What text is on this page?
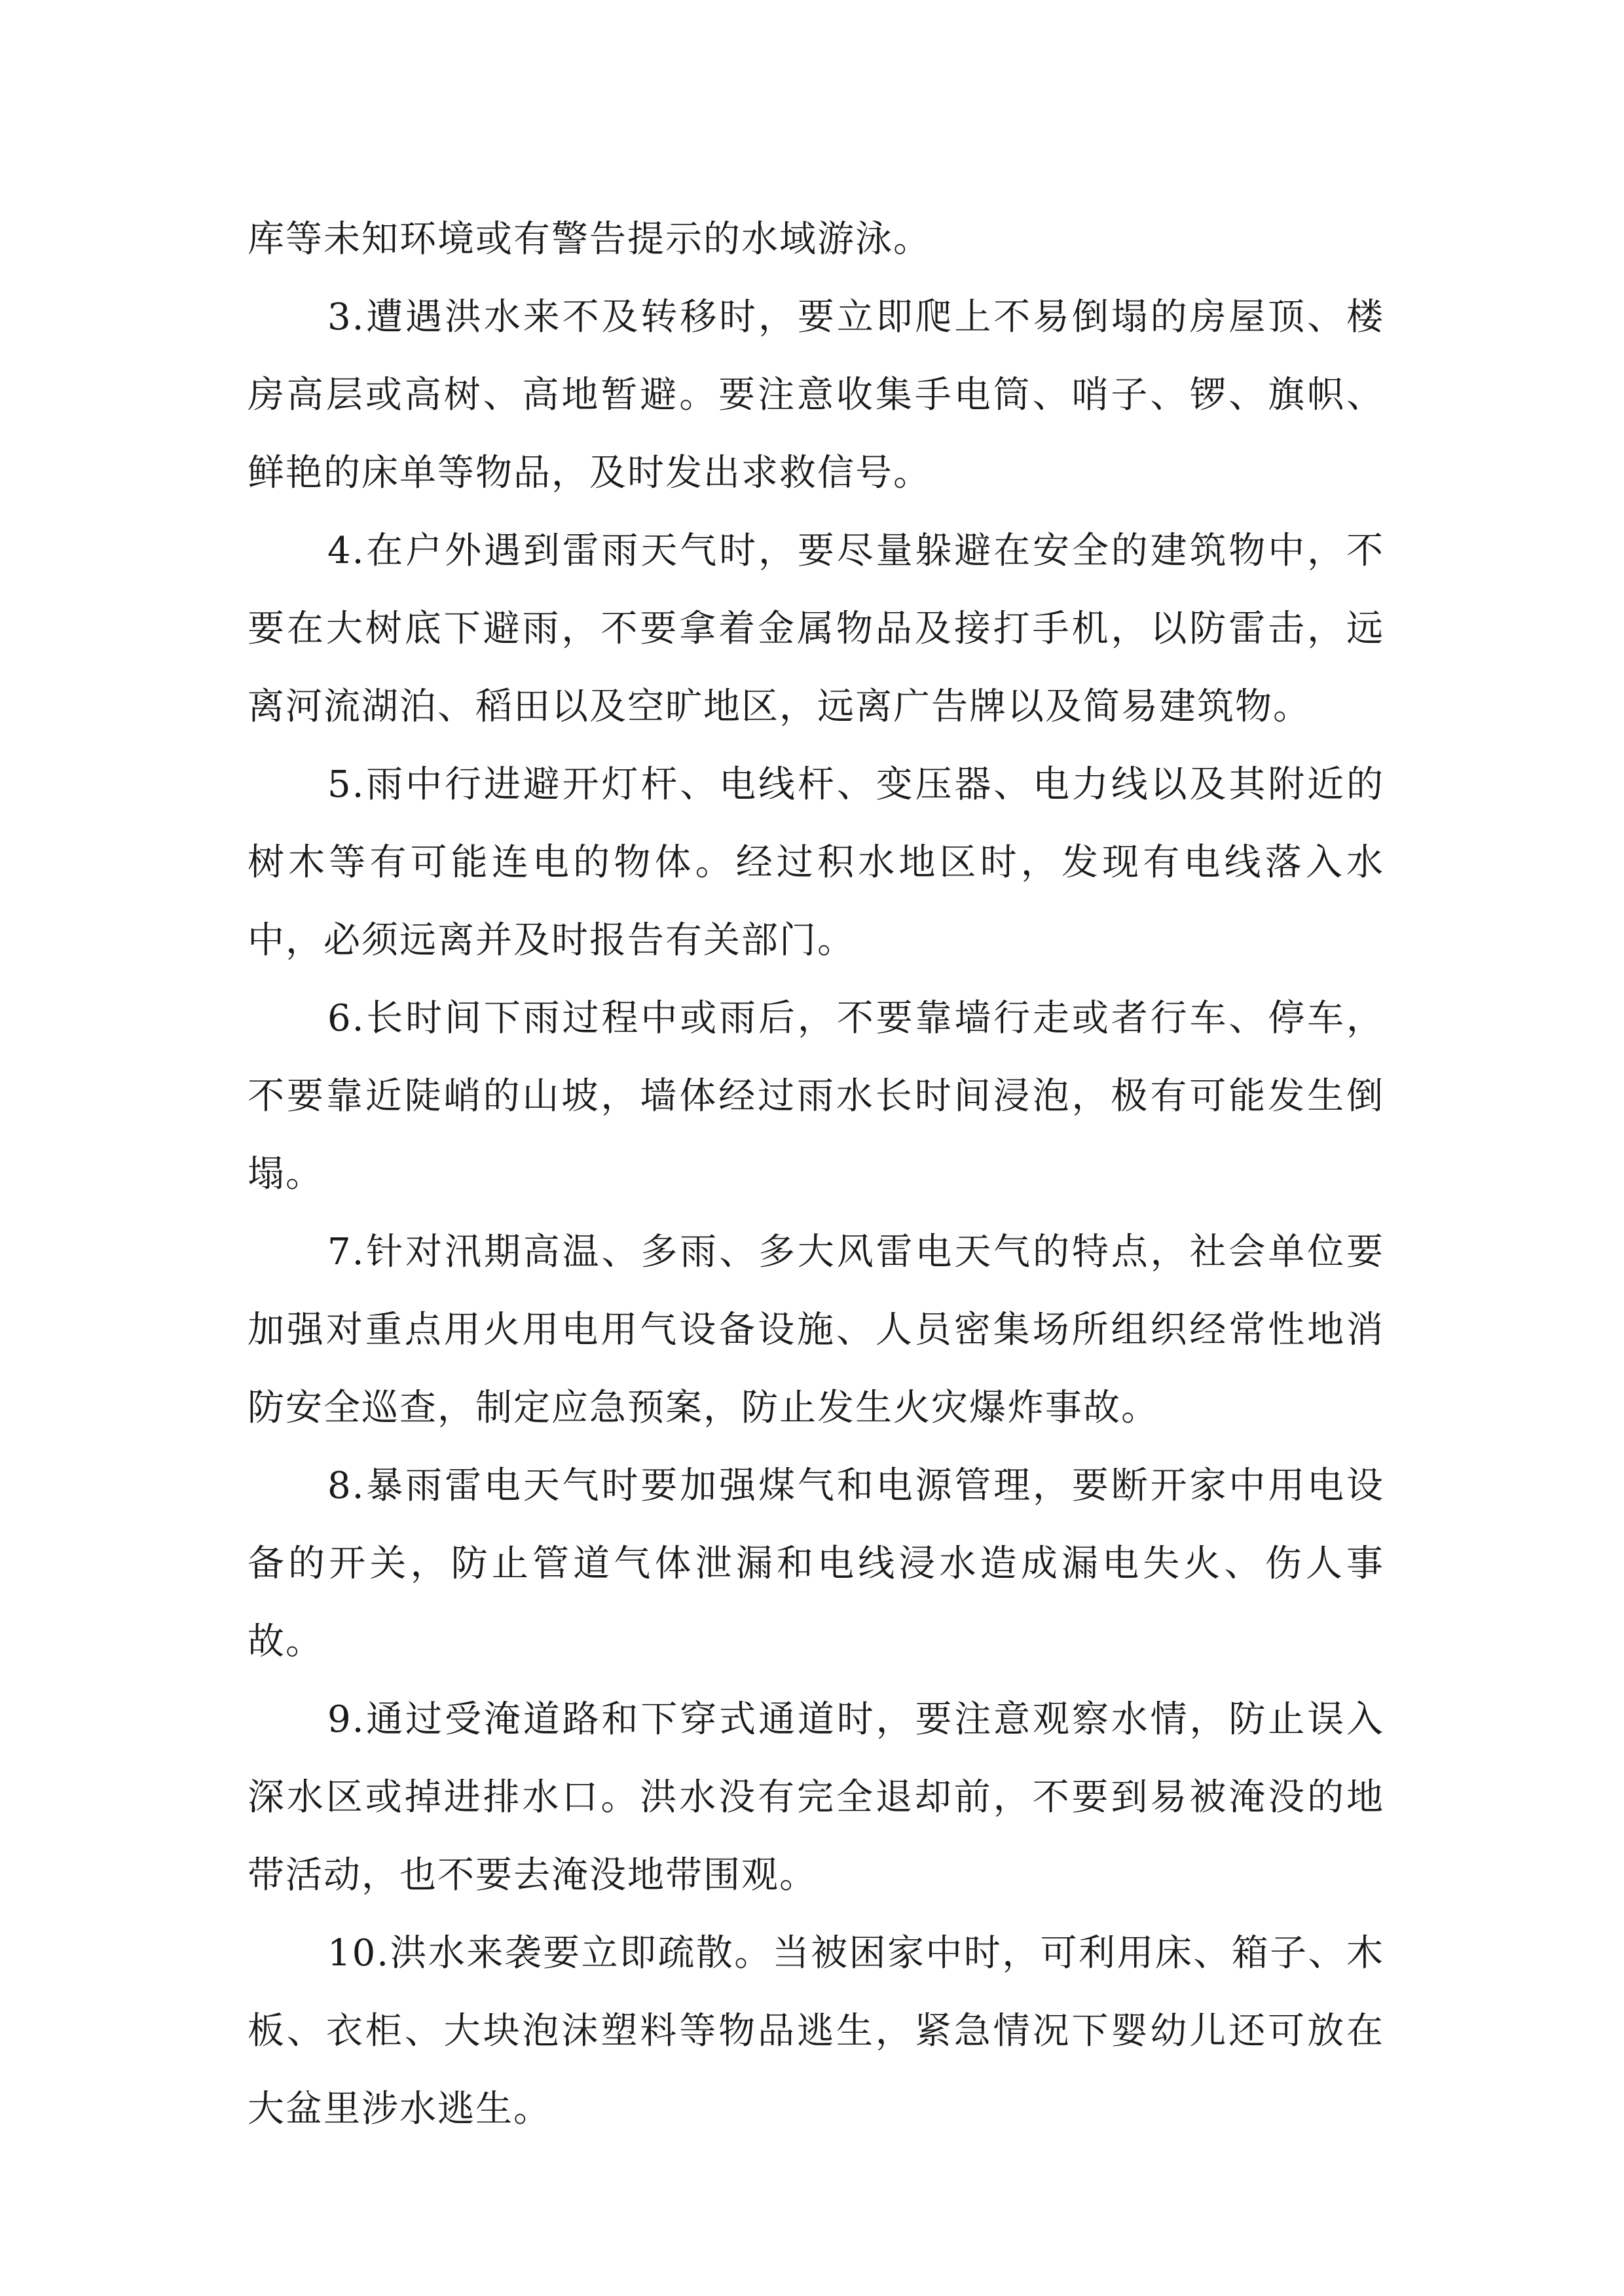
库等未知环境或有警告提示的水域游泳。

3.遭遇洪水来不及转移时，要立即爬上不易倒塌的房屋顶、楼房高层或高树、高地暂避。要注意收集手电筒、哨子、锣、旗帜、鲜艳的床单等物品，及时发出求救信号。

4.在户外遇到雷雨天气时，要尽量躲避在安全的建筑物中，不要在大树底下避雨，不要拿着金属物品及接打手机，以防雷击，远离河流湖泊、稻田以及空旷地区，远离广告牌以及简易建筑物。

5.雨中行进避开灯杆、电线杆、变压器、电力线以及其附近的树木等有可能连电的物体。经过积水地区时，发现有电线落入水中，必须远离并及时报告有关部门。

6.长时间下雨过程中或雨后，不要靠墙行走或者行车、停车，不要靠近陡峭的山坡，墙体经过雨水长时间浸泡，极有可能发生倒塌。

7.针对汛期高温、多雨、多大风雷电天气的特点，社会单位要加强对重点用火用电用气设备设施、人员密集场所组织经常性地消防安全巡查，制定应急预案，防止发生火灾爆炸事故。

8.暴雨雷电天气时要加强煤气和电源管理，要断开家中用电设备的开关，防止管道气体泄漏和电线浸水造成漏电失火、伤人事故。

9.通过受淹道路和下穿式通道时，要注意观察水情，防止误入深水区或掉进排水口。洪水没有完全退却前，不要到易被淹没的地带活动，也不要去淹没地带围观。

10.洪水来袭要立即疏散。当被困家中时，可利用床、箱子、木板、衣柜、大块泡沫塑料等物品逃生，紧急情况下婴幼儿还可放在大盆里涉水逃生。
